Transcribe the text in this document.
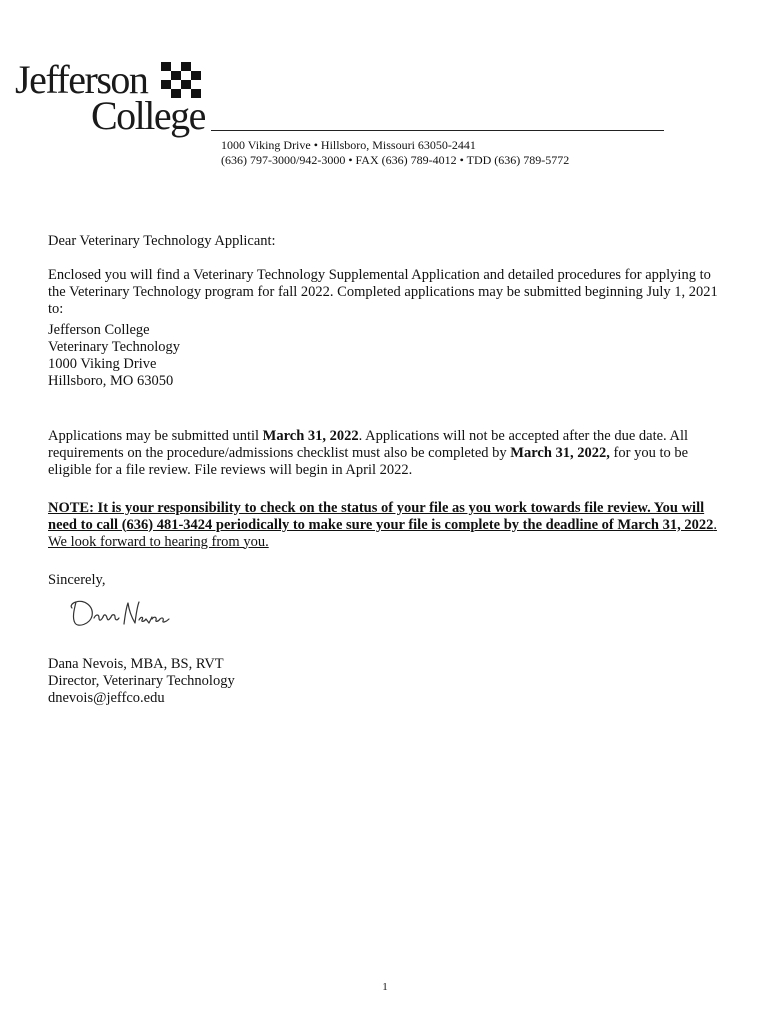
Jefferson
College
1000 Viking Drive • Hillsboro, Missouri 63050-2441
(636) 797-3000/942-3000 • FAX (636) 789-4012 • TDD (636) 789-5772

Dear Veterinary Technology Applicant:

Enclosed you will find a Veterinary Technology Supplemental Application and detailed procedures for applying to the Veterinary Technology program for fall 2022. Completed applications may be submitted beginning July 1, 2021 to:

Jefferson College
Veterinary Technology
1000 Viking Drive
Hillsboro, MO 63050

Applications may be submitted until March 31, 2022. Applications will not be accepted after the due date. All requirements on the procedure/admissions checklist must also be completed by March 31, 2022, for you to be eligible for a file review. File reviews will begin in April 2022.

NOTE: It is your responsibility to check on the status of your file as you work towards file review. You will need to call (636) 481-3424 periodically to make sure your file is complete by the deadline of March 31, 2022. We look forward to hearing from you.

Sincerely,

Dana Nevois, MBA, BS, RVT
Director, Veterinary Technology
dnevois@jeffco.edu
1
